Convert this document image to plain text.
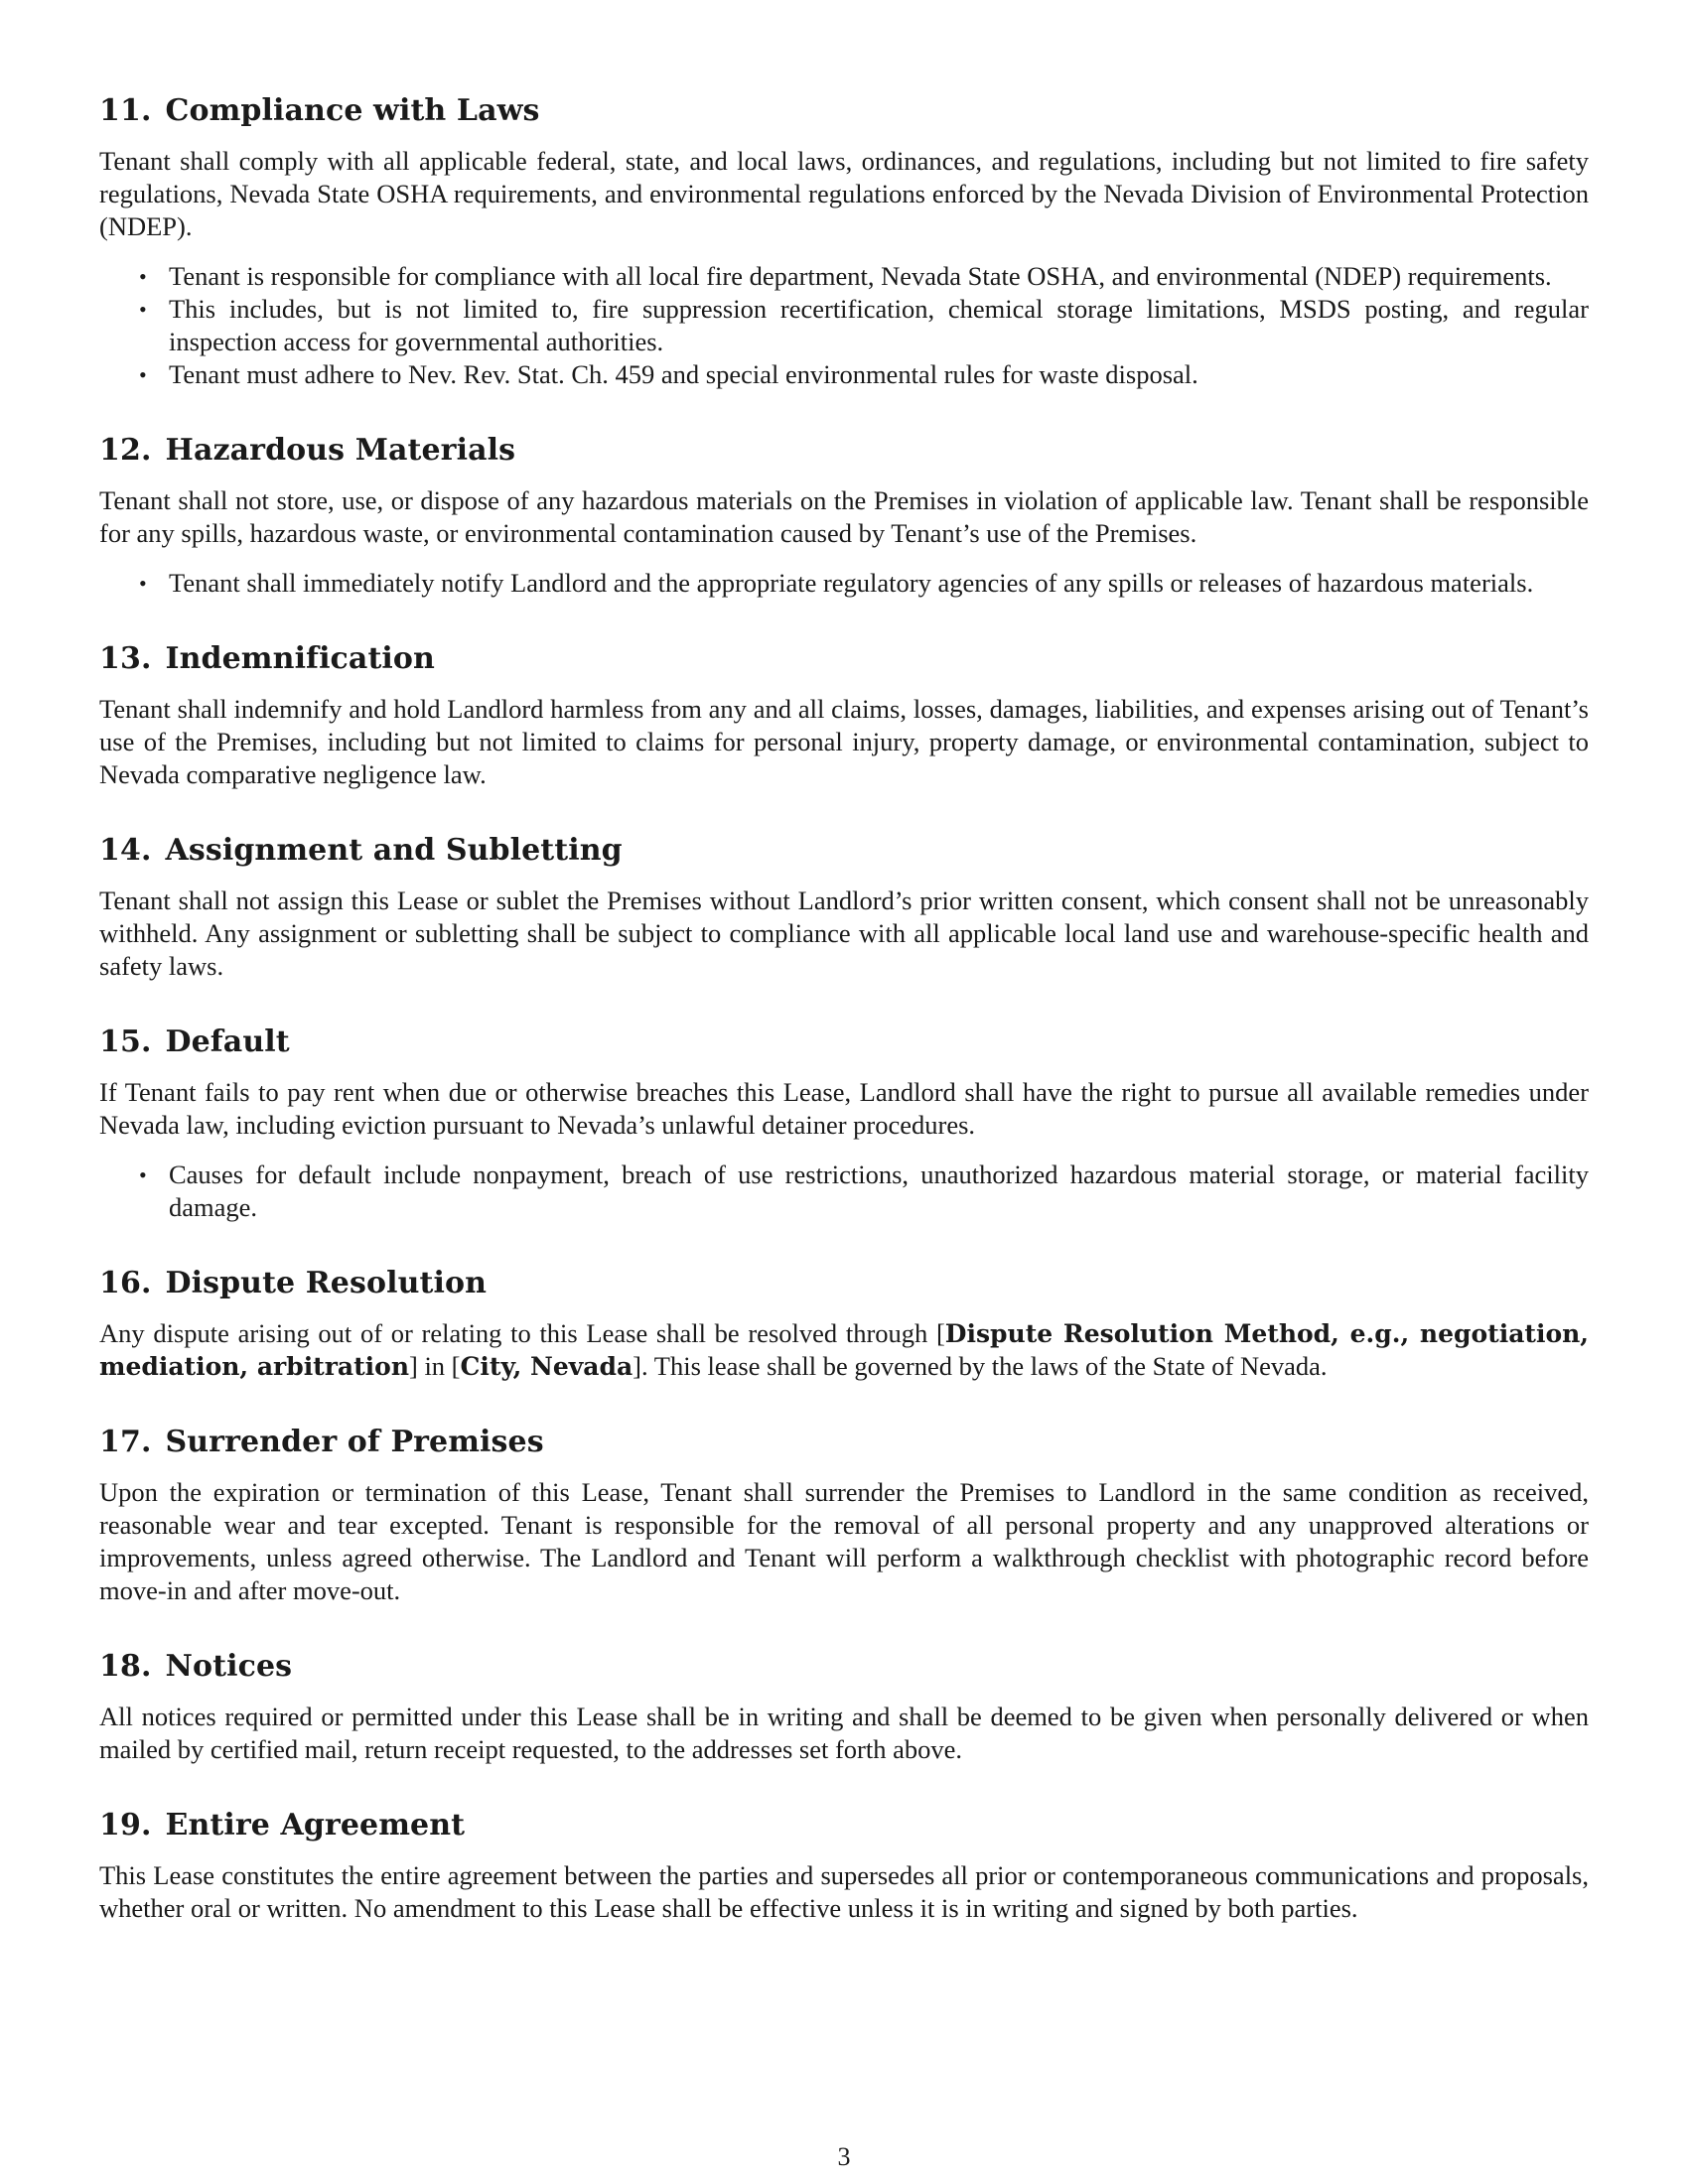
11. Compliance with Laws

Tenant shall comply with all applicable federal, state, and local laws, ordinances, and regulations, including but not limited to fire safety regulations, Nevada State OSHA requirements, and environmental regulations enforced by the Nevada Division of Environmental Protection (NDEP).

• Tenant is responsible for compliance with all local fire department, Nevada State OSHA, and environmental (NDEP) requirements.
• This includes, but is not limited to, fire suppression recertification, chemical storage limitations, MSDS posting, and regular inspection access for governmental authorities.
• Tenant must adhere to Nev. Rev. Stat. Ch. 459 and special environmental rules for waste disposal.
12. Hazardous Materials

Tenant shall not store, use, or dispose of any hazardous materials on the Premises in violation of applicable law. Tenant shall be responsible for any spills, hazardous waste, or environmental contamination caused by Tenant’s use of the Premises.

• Tenant shall immediately notify Landlord and the appropriate regulatory agencies of any spills or releases of hazardous materials.
13. Indemnification

Tenant shall indemnify and hold Landlord harmless from any and all claims, losses, damages, liabilities, and expenses arising out of Tenant’s use of the Premises, including but not limited to claims for personal injury, property damage, or environmental contamination, subject to Nevada comparative negligence law.

14. Assignment and Subletting

Tenant shall not assign this Lease or sublet the Premises without Landlord’s prior written consent, which consent shall not be unreasonably withheld. Any assignment or subletting shall be subject to compliance with all applicable local land use and warehouse-specific health and safety laws.

15. Default

If Tenant fails to pay rent when due or otherwise breaches this Lease, Landlord shall have the right to pursue all available remedies under Nevada law, including eviction pursuant to Nevada’s unlawful detainer procedures.

• Causes for default include nonpayment, breach of use restrictions, unauthorized hazardous material storage, or material facility damage.
16. Dispute Resolution

Any dispute arising out of or relating to this Lease shall be resolved through [Dispute Resolution Method, e.g., negotiation, mediation, arbitration] in [City, Nevada]. This lease shall be governed by the laws of the State of Nevada.

17. Surrender of Premises

Upon the expiration or termination of this Lease, Tenant shall surrender the Premises to Landlord in the same condition as received, reasonable wear and tear excepted. Tenant is responsible for the removal of all personal property and any unapproved alterations or improvements, unless agreed otherwise. The Landlord and Tenant will perform a walkthrough checklist with photographic record before move-in and after move-out.

18. Notices

All notices required or permitted under this Lease shall be in writing and shall be deemed to be given when personally delivered or when mailed by certified mail, return receipt requested, to the addresses set forth above.

19. Entire Agreement

This Lease constitutes the entire agreement between the parties and supersedes all prior or contemporaneous communications and proposals, whether oral or written. No amendment to this Lease shall be effective unless it is in writing and signed by both parties.

3
